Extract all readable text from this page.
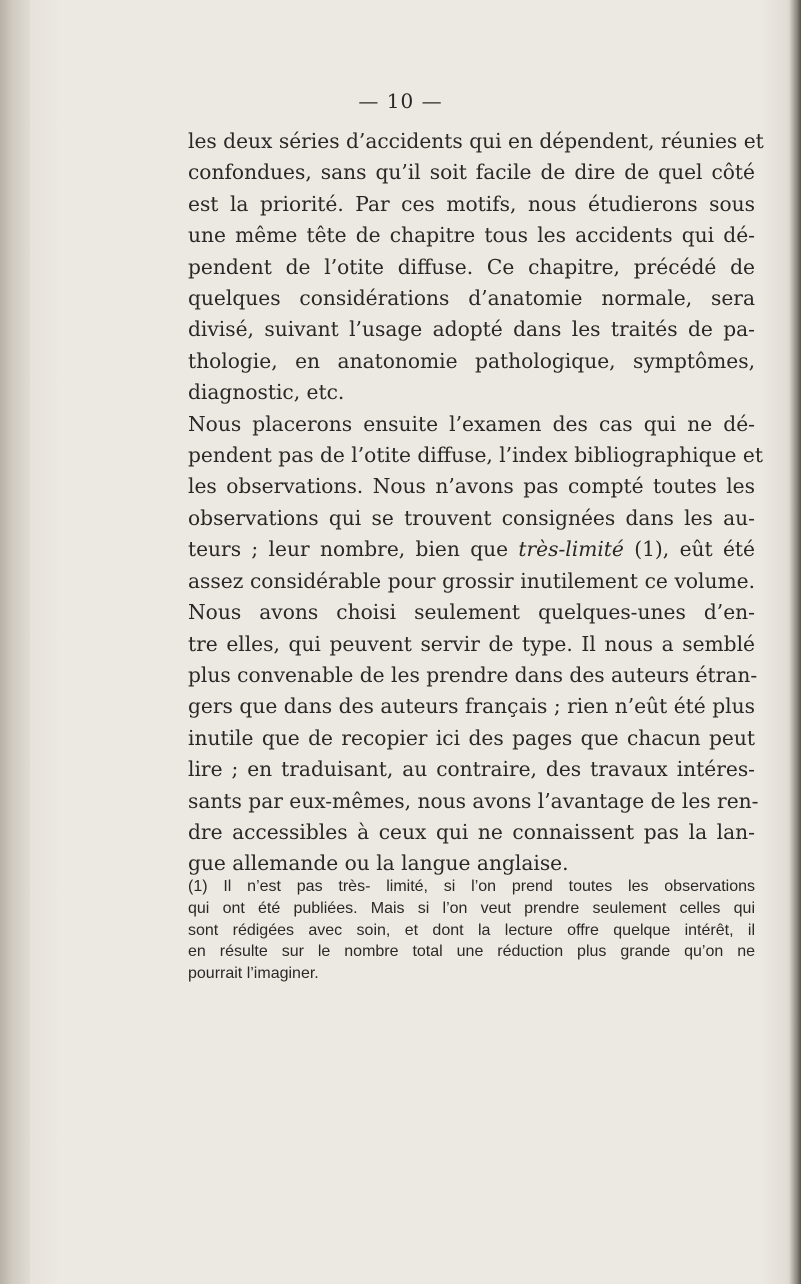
— 10 —
les deux séries d’accidents qui en dépendent, réunies et
confondues, sans qu’il soit facile de dire de quel côté
est la priorité. Par ces motifs, nous étudierons sous
une même tête de chapitre tous les accidents qui dé-
pendent de l’otite diffuse. Ce chapitre, précédé de
quelques considérations d’anatomie normale, sera
divisé, suivant l’usage adopté dans les traités de pa-
thologie, en anatonomie pathologique, symptômes,
diagnostic, etc.
Nous placerons ensuite l’examen des cas qui ne dé-
pendent pas de l’otite diffuse, l’index bibliographique et
les observations. Nous n’avons pas compté toutes les
observations qui se trouvent consignées dans les au-
teurs ; leur nombre, bien que très-limité (1), eût été
assez considérable pour grossir inutilement ce volume.
Nous avons choisi seulement quelques-unes d’en-
tre elles, qui peuvent servir de type. Il nous a semblé
plus convenable de les prendre dans des auteurs étran-
gers que dans des auteurs français ; rien n’eût été plus
inutile que de recopier ici des pages que chacun peut
lire ; en traduisant, au contraire, des travaux intéres-
sants par eux-mêmes, nous avons l’avantage de les ren-
dre accessibles à ceux qui ne connaissent pas la lan-
gue allemande ou la langue anglaise.
(1) Il n’est pas très- limité, si l’on prend toutes les observations
qui ont été publiées. Mais si l’on veut prendre seulement celles qui
sont rédigées avec soin, et dont la lecture offre quelque intérêt, il
en résulte sur le nombre total une réduction plus grande qu’on ne
pourrait l’imaginer.
